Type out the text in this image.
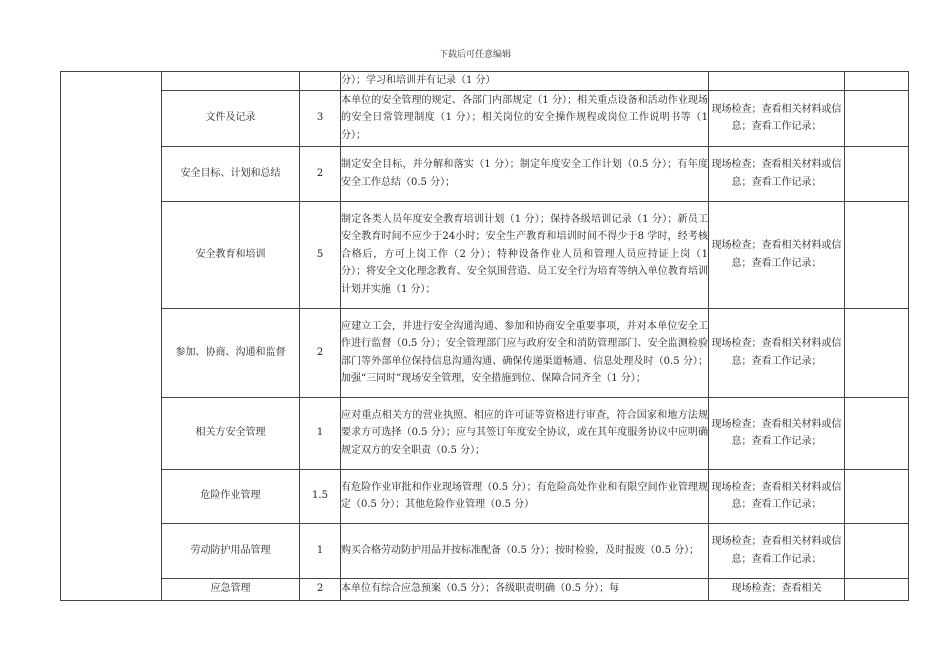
下载后可任意编辑
			分）；学习和培训并有记录（1 分）		
	文件及记录	3	本单位的安全管理的规定、各部门内部规定（1 分）；相关重点设备和活动作业现场的安全日常管理制度（1 分）；相关岗位的安全操作规程或岗位工作说明书等（1 分）；	现场检查；查看相关材料或信息；查看工作记录；	
	安全目标、计划和总结	2	制定安全目标，并分解和落实（1 分）；制定年度安全工作计划（0.5 分）；有年度安全工作总结（0.5 分）；	现场检查；查看相关材料或信息；查看工作记录；	
	安全教育和培训	5	制定各类人员年度安全教育培训计划（1 分）；保持各级培训记录（1 分）；新员工安全教育时间不应少于24小时；安全生产教育和培训时间不得少于8 学时，经考核合格后，方可上岗工作（2 分）；特种设备作业人员和管理人员应持证上岗（1 分）；将安全文化理念教育、安全氛围营造、员工安全行为培育等纳入单位教育培训计划并实施（1 分）；	现场检查；查看相关材料或信息；查看工作记录；	
	参加、协商、沟通和监督	2	应建立工会，并进行安全沟通沟通、参加和协商安全重要事项，并对本单位安全工作进行监督（0.5 分）；安全管理部门应与政府安全和消防管理部门、安全监测检验部门等外部单位保持信息沟通沟通、确保传递渠道畅通、信息处理及时（0.5 分）；加强“三同时”现场安全管理，安全措施到位、保障合同齐全（1 分）；	现场检查；查看相关材料或信息；查看工作记录；	
	相关方安全管理	1	应对重点相关方的营业执照、相应的许可证等资格进行审查，符合国家和地方法规要求方可选择（0.5 分）；应与其签订年度安全协议，或在其年度服务协议中应明确规定双方的安全职责（0.5 分）；	现场检查；查看相关材料或信息；查看工作记录；	
	危险作业管理	1.5	有危险作业审批和作业现场管理（0.5 分）；有危险高处作业和有限空间作业管理规定（0.5 分）；其他危险作业管理（0.5 分）	现场检查；查看相关材料或信息；查看工作记录；	
	劳动防护用品管理	1	购买合格劳动防护用品并按标准配备（0.5 分）；按时检验，及时报废（0.5 分）；	现场检查；查看相关材料或信息；查看工作记录；	
	应急管理	2	本单位有综合应急预案（0.5 分）；各级职责明确（0.5 分）；每	现场检查；查看相关	
